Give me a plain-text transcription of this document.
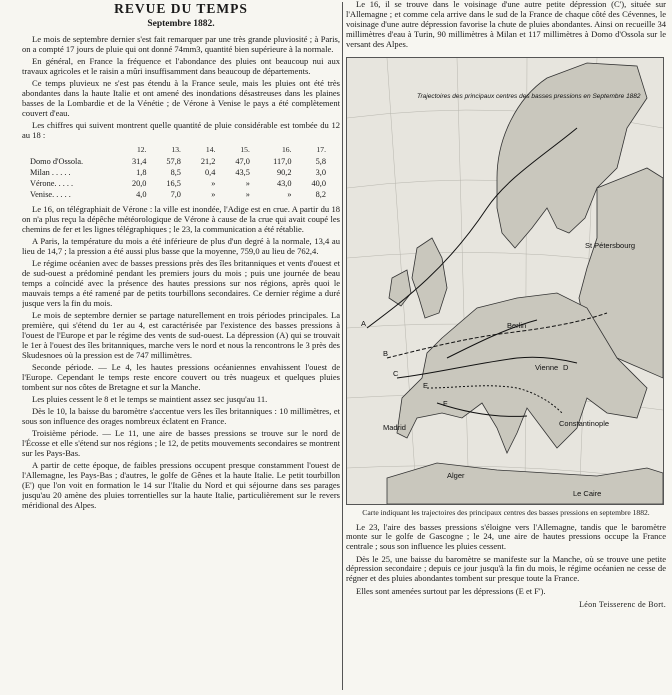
REVUE DU TEMPS
Septembre 1882.

Le mois de septembre dernier s'est fait remarquer par une très grande pluviosité ; à Paris, on a compté 17 jours de pluie qui ont donné 74mm3, quantité bien supérieure à la normale.

En général, en France la fréquence et l'abondance des pluies ont beaucoup nui aux travaux agricoles et le raisin a mûri insuffisamment dans beaucoup de départements.

Ce temps pluvieux ne s'est pas étendu à la France seule, mais les pluies ont été très abondantes dans la haute Italie et ont amené des inondations désastreuses dans les plaines basses de la Lombardie et de la Vénétie ; de Vérone à Venise le pays a été complètement couvert d'eau.

Les chiffres qui suivent montrent quelle quantité de pluie considérable est tombée du 12 au 18 :

	12.	13.	14.	15.	16.	17.
Domo d'Ossola.	31,4	57,8	21,2	47,0	117,0	5,8
Milan . . . . .	1,8	8,5	0,4	43,5	90,2	3,0
Vérone. . . . .	20,0	16,5	»	»	43,0	40,0
Venise. . . . .	4,0	7,0	»	»	»	8,2

Le 16, on télégraphiait de Vérone : la ville est inondée, l'Adige est en crue. A partir du 18 on n'a plus reçu la dépêche météorologique de Vérone à cause de la crue qui avait coupé les chemins de fer et les lignes télégraphiques ; le 23, la communication a été rétablie.

A Paris, la température du mois a été inférieure de plus d'un degré à la normale, 13,4 au lieu de 14,7 ; la pression a été aussi plus basse que la moyenne, 759,0 au lieu de 762,4.

Le régime océanien avec de basses pressions près des îles britanniques et vents d'ouest et de sud-ouest a prédominé pendant les premiers jours du mois ; puis une journée de beau temps a coïncidé avec la présence des hautes pressions sur nos régions, après quoi le mauvais temps a été ramené par de petits tourbillons secondaires. Ce dernier régime a duré jusque vers la fin du mois.

Le mois de septembre dernier se partage naturellement en trois périodes principales. La première, qui s'étend du 1er au 4, est caractérisée par l'existence des basses pressions à l'ouest de l'Europe et par le régime des vents de sud-ouest. La dépression (A) qui se trouvait le 1er à l'ouest des îles britanniques, marche vers le nord et nous la rencontrons le 3 près des Skudesnoes où la pression est de 747 millimètres.

Seconde période. — Le 4, les hautes pressions océaniennes envahissent l'ouest de l'Europe. Cependant le temps reste encore couvert ou très nuageux et quelques pluies tombent sur nos côtes de Bretagne et sur la Manche.

Les pluies cessent le 8 et le temps se maintient assez sec jusqu'au 11.

Dès le 10, la baisse du baromètre s'accentue vers les îles britanniques : 10 millimètres, et sous son influence des orages nombreux éclatent en France.

Troisième période. — Le 11, une aire de basses pressions se trouve sur le nord de l'Écosse et elle s'étend sur nos régions ; le 12, de petits mouvements secondaires se montrent sur les Pays-Bas.

A partir de cette époque, de faibles pressions occupent presque constamment l'ouest de l'Allemagne, les Pays-Bas ; d'autres, le golfe de Gênes et la haute Italie. Le petit tourbillon (E') que l'on voit en formation le 14 sur l'Italie du Nord et qui séjourne dans ses parages jusqu'au 20 amène des pluies torrentielles sur la haute Italie, particulièrement sur le revers méridional des Alpes.

Le 16, il se trouve dans le voisinage d'une autre petite dépression (C'), située sur l'Allemagne ; et comme cela arrive dans le sud de la France de chaque côté des Cévennes, le voisinage d'une autre dépression favorise la chute de pluies abondantes. Ainsi on recueille 34 millimètres d'eau à Turin, 90 millimètres à Milan et 117 millimètres à Domo d'Ossola sur le versant des Alpes.

A
B
C
D
E
F
Trajectoires des principaux centres des basses pressions en Septembre 1882
Berlin
Vienne
St Pétersbourg
Madrid	Constantinople
Le Caire
Alger
Carte indiquant les trajectoires des principaux centres des basses pressions en septembre 1882.

Le 23, l'aire des basses pressions s'éloigne vers l'Allemagne, tandis que le baromètre monte sur le golfe de Gascogne ; le 24, une aire de hautes pressions occupe la France centrale ; sous son influence les pluies cessent.

Dès le 25, une baisse du baromètre se manifeste sur la Manche, où se trouve une petite dépression secondaire ; depuis ce jour jusqu'à la fin du mois, le régime océanien ne cesse de régner et des pluies abondantes tombent sur presque toute la France.

Elles sont amenées surtout par les dépressions (E et F').

Léon Teisserenc de Bort.
